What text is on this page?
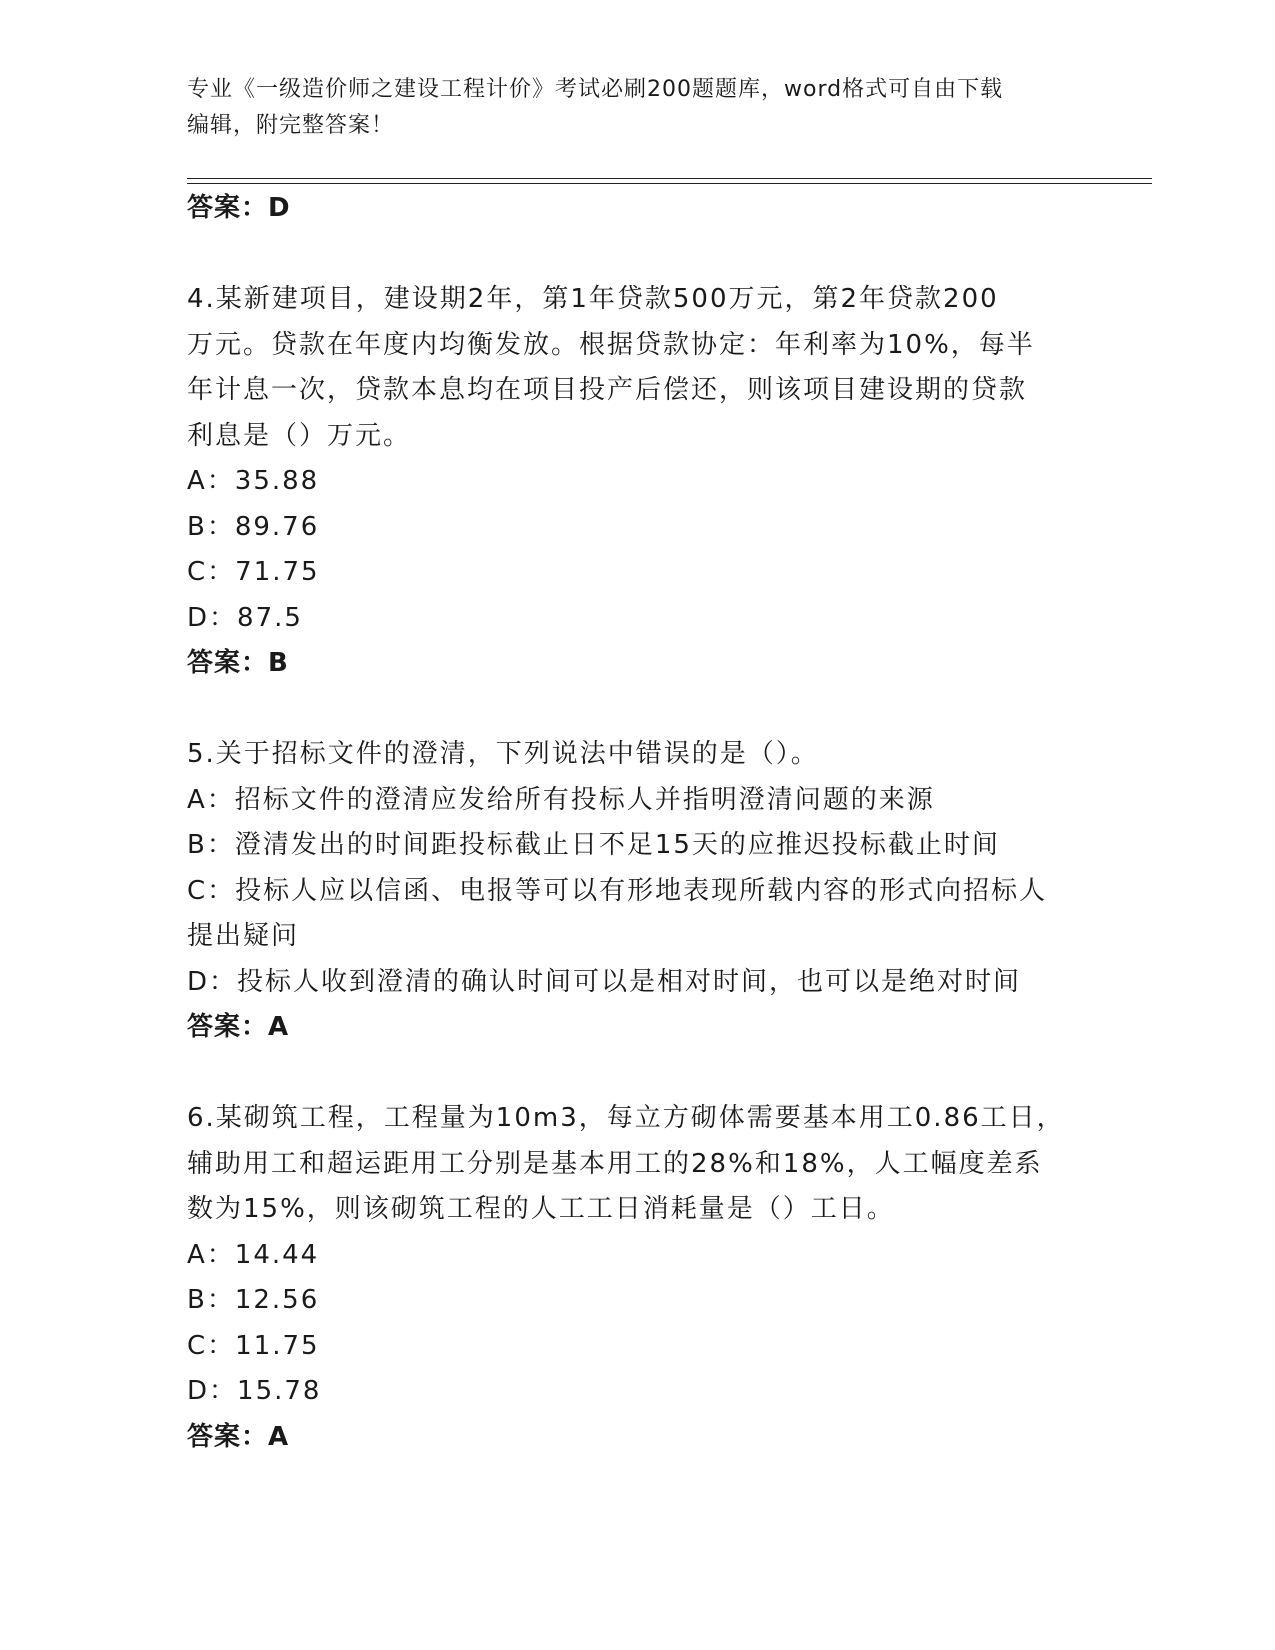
专业《一级造价师之建设工程计价》考试必刷200题题库，word格式可自由下载
编辑，附完整答案！
答案：D
4.某新建项目，建设期2年，第1年贷款500万元，第2年贷款200
万元。贷款在年度内均衡发放。根据贷款协定：年利率为10%，每半
年计息一次，贷款本息均在项目投产后偿还，则该项目建设期的贷款
利息是（）万元。
A：35.88
B：89.76
C：71.75
D：87.5
答案：B
5.关于招标文件的澄清，下列说法中错误的是（）。
A：招标文件的澄清应发给所有投标人并指明澄清问题的来源
B：澄清发出的时间距投标截止日不足15天的应推迟投标截止时间
C：投标人应以信函、电报等可以有形地表现所载内容的形式向招标人
提出疑问
D：投标人收到澄清的确认时间可以是相对时间，也可以是绝对时间
答案：A
6.某砌筑工程，工程量为10m3，每立方砌体需要基本用工0.86工日，
辅助用工和超运距用工分别是基本用工的28%和18%，人工幅度差系
数为15%，则该砌筑工程的人工工日消耗量是（）工日。
A：14.44
B：12.56
C：11.75
D：15.78
答案：A
